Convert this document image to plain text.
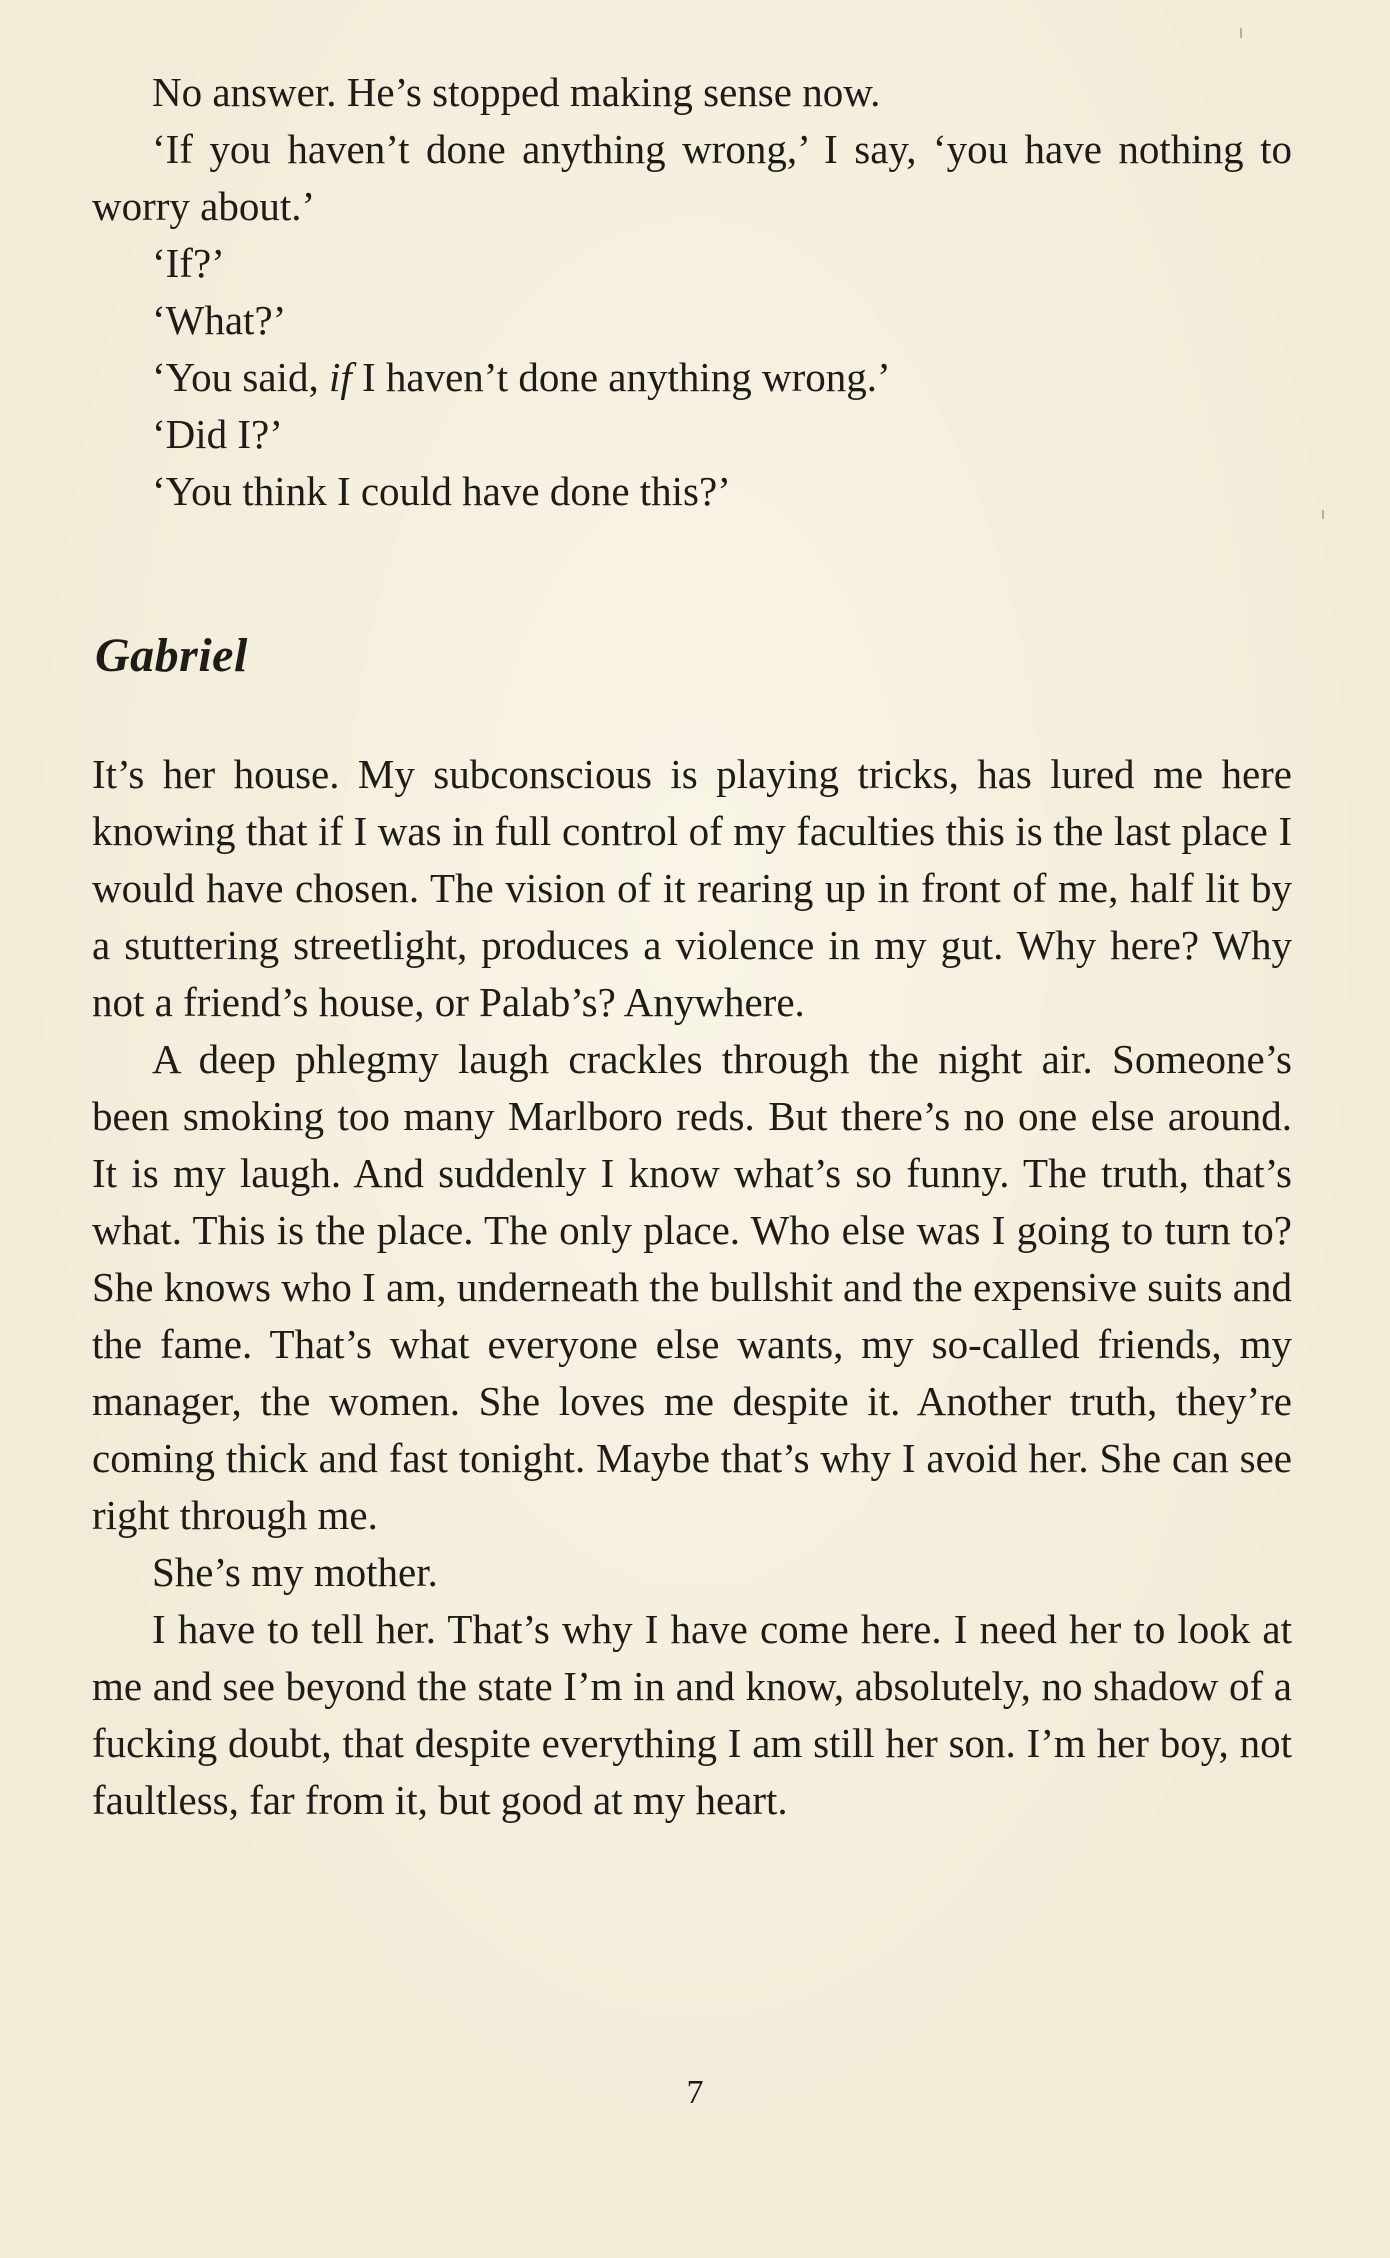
No answer. He’s stopped making sense now.

‘If you haven’t done anything wrong,’ I say, ‘you have nothing to worry about.’

‘If?’

‘What?’

‘You said, if I haven’t done anything wrong.’

‘Did I?’

‘You think I could have done this?’

Gabriel

It’s her house. My subconscious is playing tricks, has lured me here knowing that if I was in full control of my faculties this is the last place I would have chosen. The vision of it rearing up in front of me, half lit by a stuttering streetlight, produces a violence in my gut. Why here? Why not a friend’s house, or Palab’s? Anywhere.

A deep phlegmy laugh crackles through the night air. Someone’s been smoking too many Marlboro reds. But there’s no one else around. It is my laugh. And suddenly I know what’s so funny. The truth, that’s what. This is the place. The only place. Who else was I going to turn to? She knows who I am, underneath the bullshit and the expensive suits and the fame. That’s what everyone else wants, my so-called friends, my manager, the women. She loves me despite it. Another truth, they’re coming thick and fast tonight. Maybe that’s why I avoid her. She can see right through me.

She’s my mother.

I have to tell her. That’s why I have come here. I need her to look at me and see beyond the state I’m in and know, absolutely, no shadow of a fucking doubt, that despite everything I am still her son. I’m her boy, not faultless, far from it, but good at my heart.

7
